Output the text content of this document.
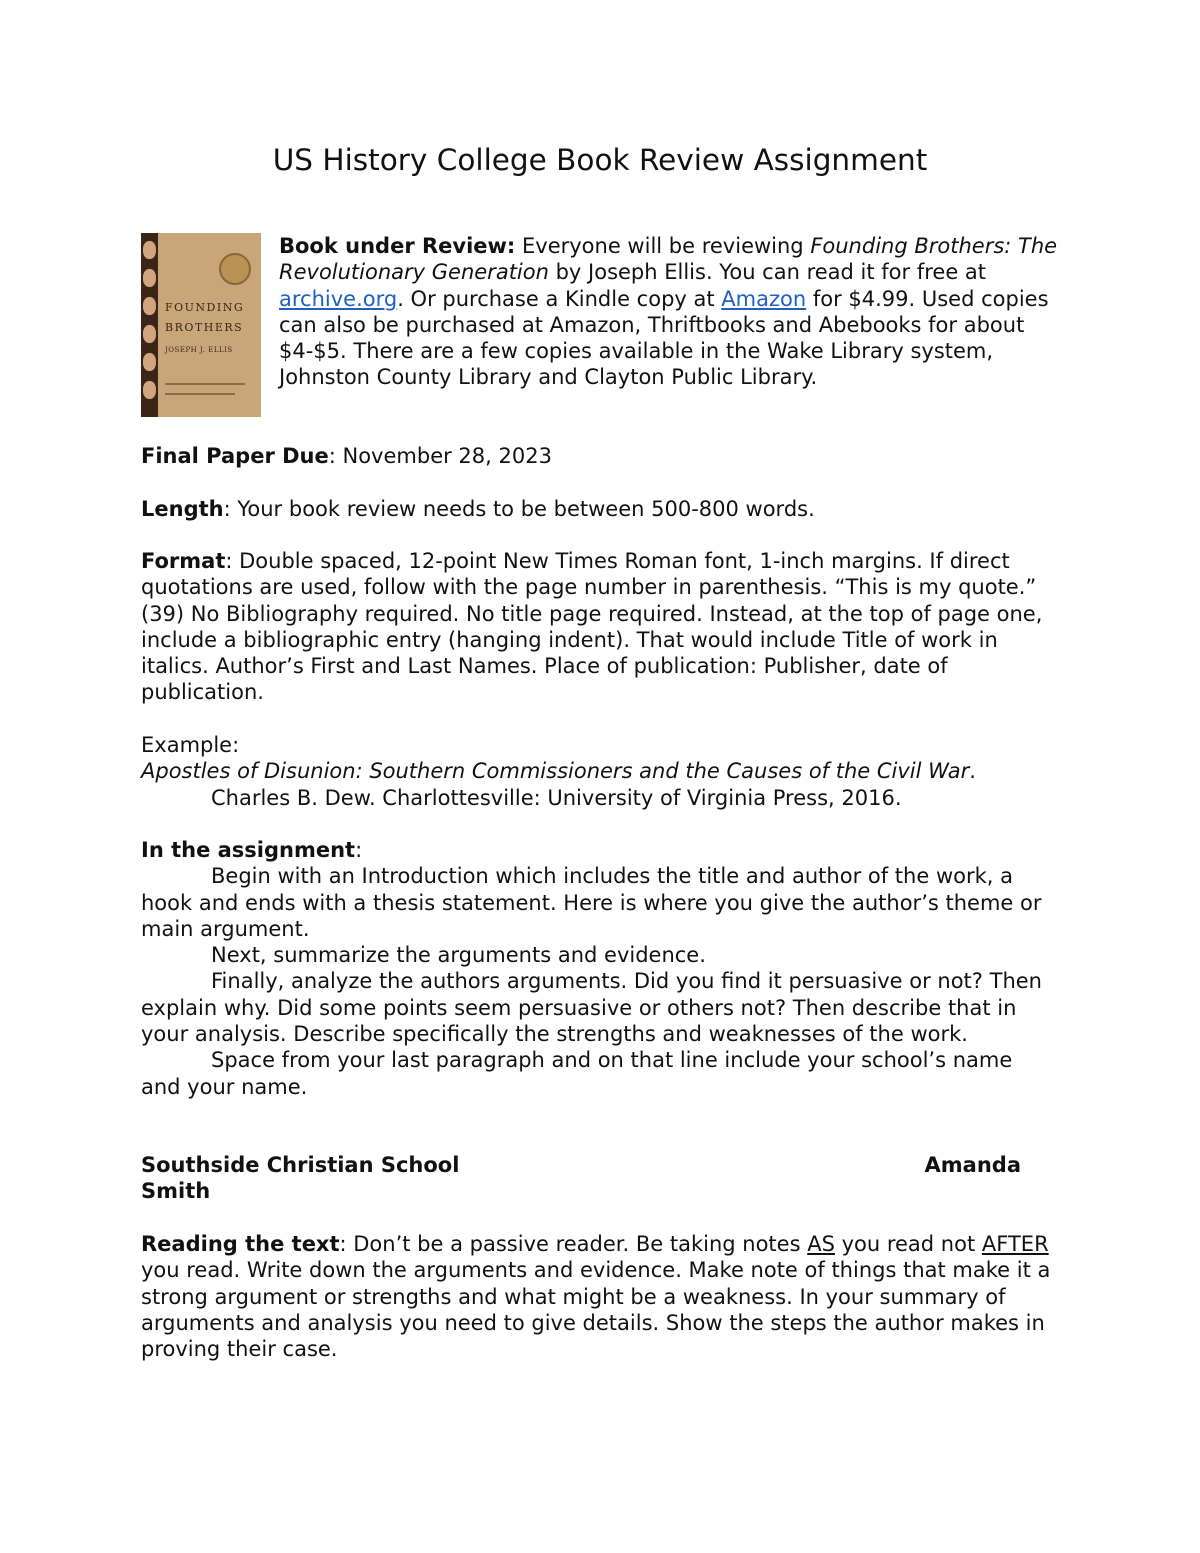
US History College Book Review Assignment
FOUNDING
BROTHERS
JOSEPH J. ELLIS

Book under Review: Everyone will be reviewing Founding Brothers: The Revolutionary Generation by Joseph Ellis. You can read it for free at archive.org. Or purchase a Kindle copy at Amazon for $4.99. Used copies can also be purchased at Amazon, Thriftbooks and Abebooks for about $4-$5. There are a few copies available in the Wake Library system, Johnston County Library and Clayton Public Library.

Final Paper Due: November 28, 2023

Length: Your book review needs to be between 500-800 words.

Format: Double spaced, 12-point New Times Roman font, 1-inch margins. If direct quotations are used, follow with the page number in parenthesis. “This is my quote.” (39) No Bibliography required. No title page required. Instead, at the top of page one, include a bibliographic entry (hanging indent). That would include Title of work in italics. Author’s First and Last Names. Place of publication: Publisher, date of publication.

Example:

Apostles of Disunion: Southern Commissioners and the Causes of the Civil War.

Charles B. Dew. Charlottesville: University of Virginia Press, 2016.

In the assignment:

Begin with an Introduction which includes the title and author of the work, a hook and ends with a thesis statement. Here is where you give the author’s theme or main argument.

Next, summarize the arguments and evidence.

Finally, analyze the authors arguments. Did you find it persuasive or not? Then explain why. Did some points seem persuasive or others not? Then describe that in your analysis. Describe specifically the strengths and weaknesses of the work.

Space from your last paragraph and on that line include your school’s name and your name.

Southside Christian School	Amanda
Smith

Reading the text: Don’t be a passive reader. Be taking notes AS you read not AFTER you read. Write down the arguments and evidence. Make note of things that make it a strong argument or strengths and what might be a weakness. In your summary of arguments and analysis you need to give details. Show the steps the author makes in proving their case.
